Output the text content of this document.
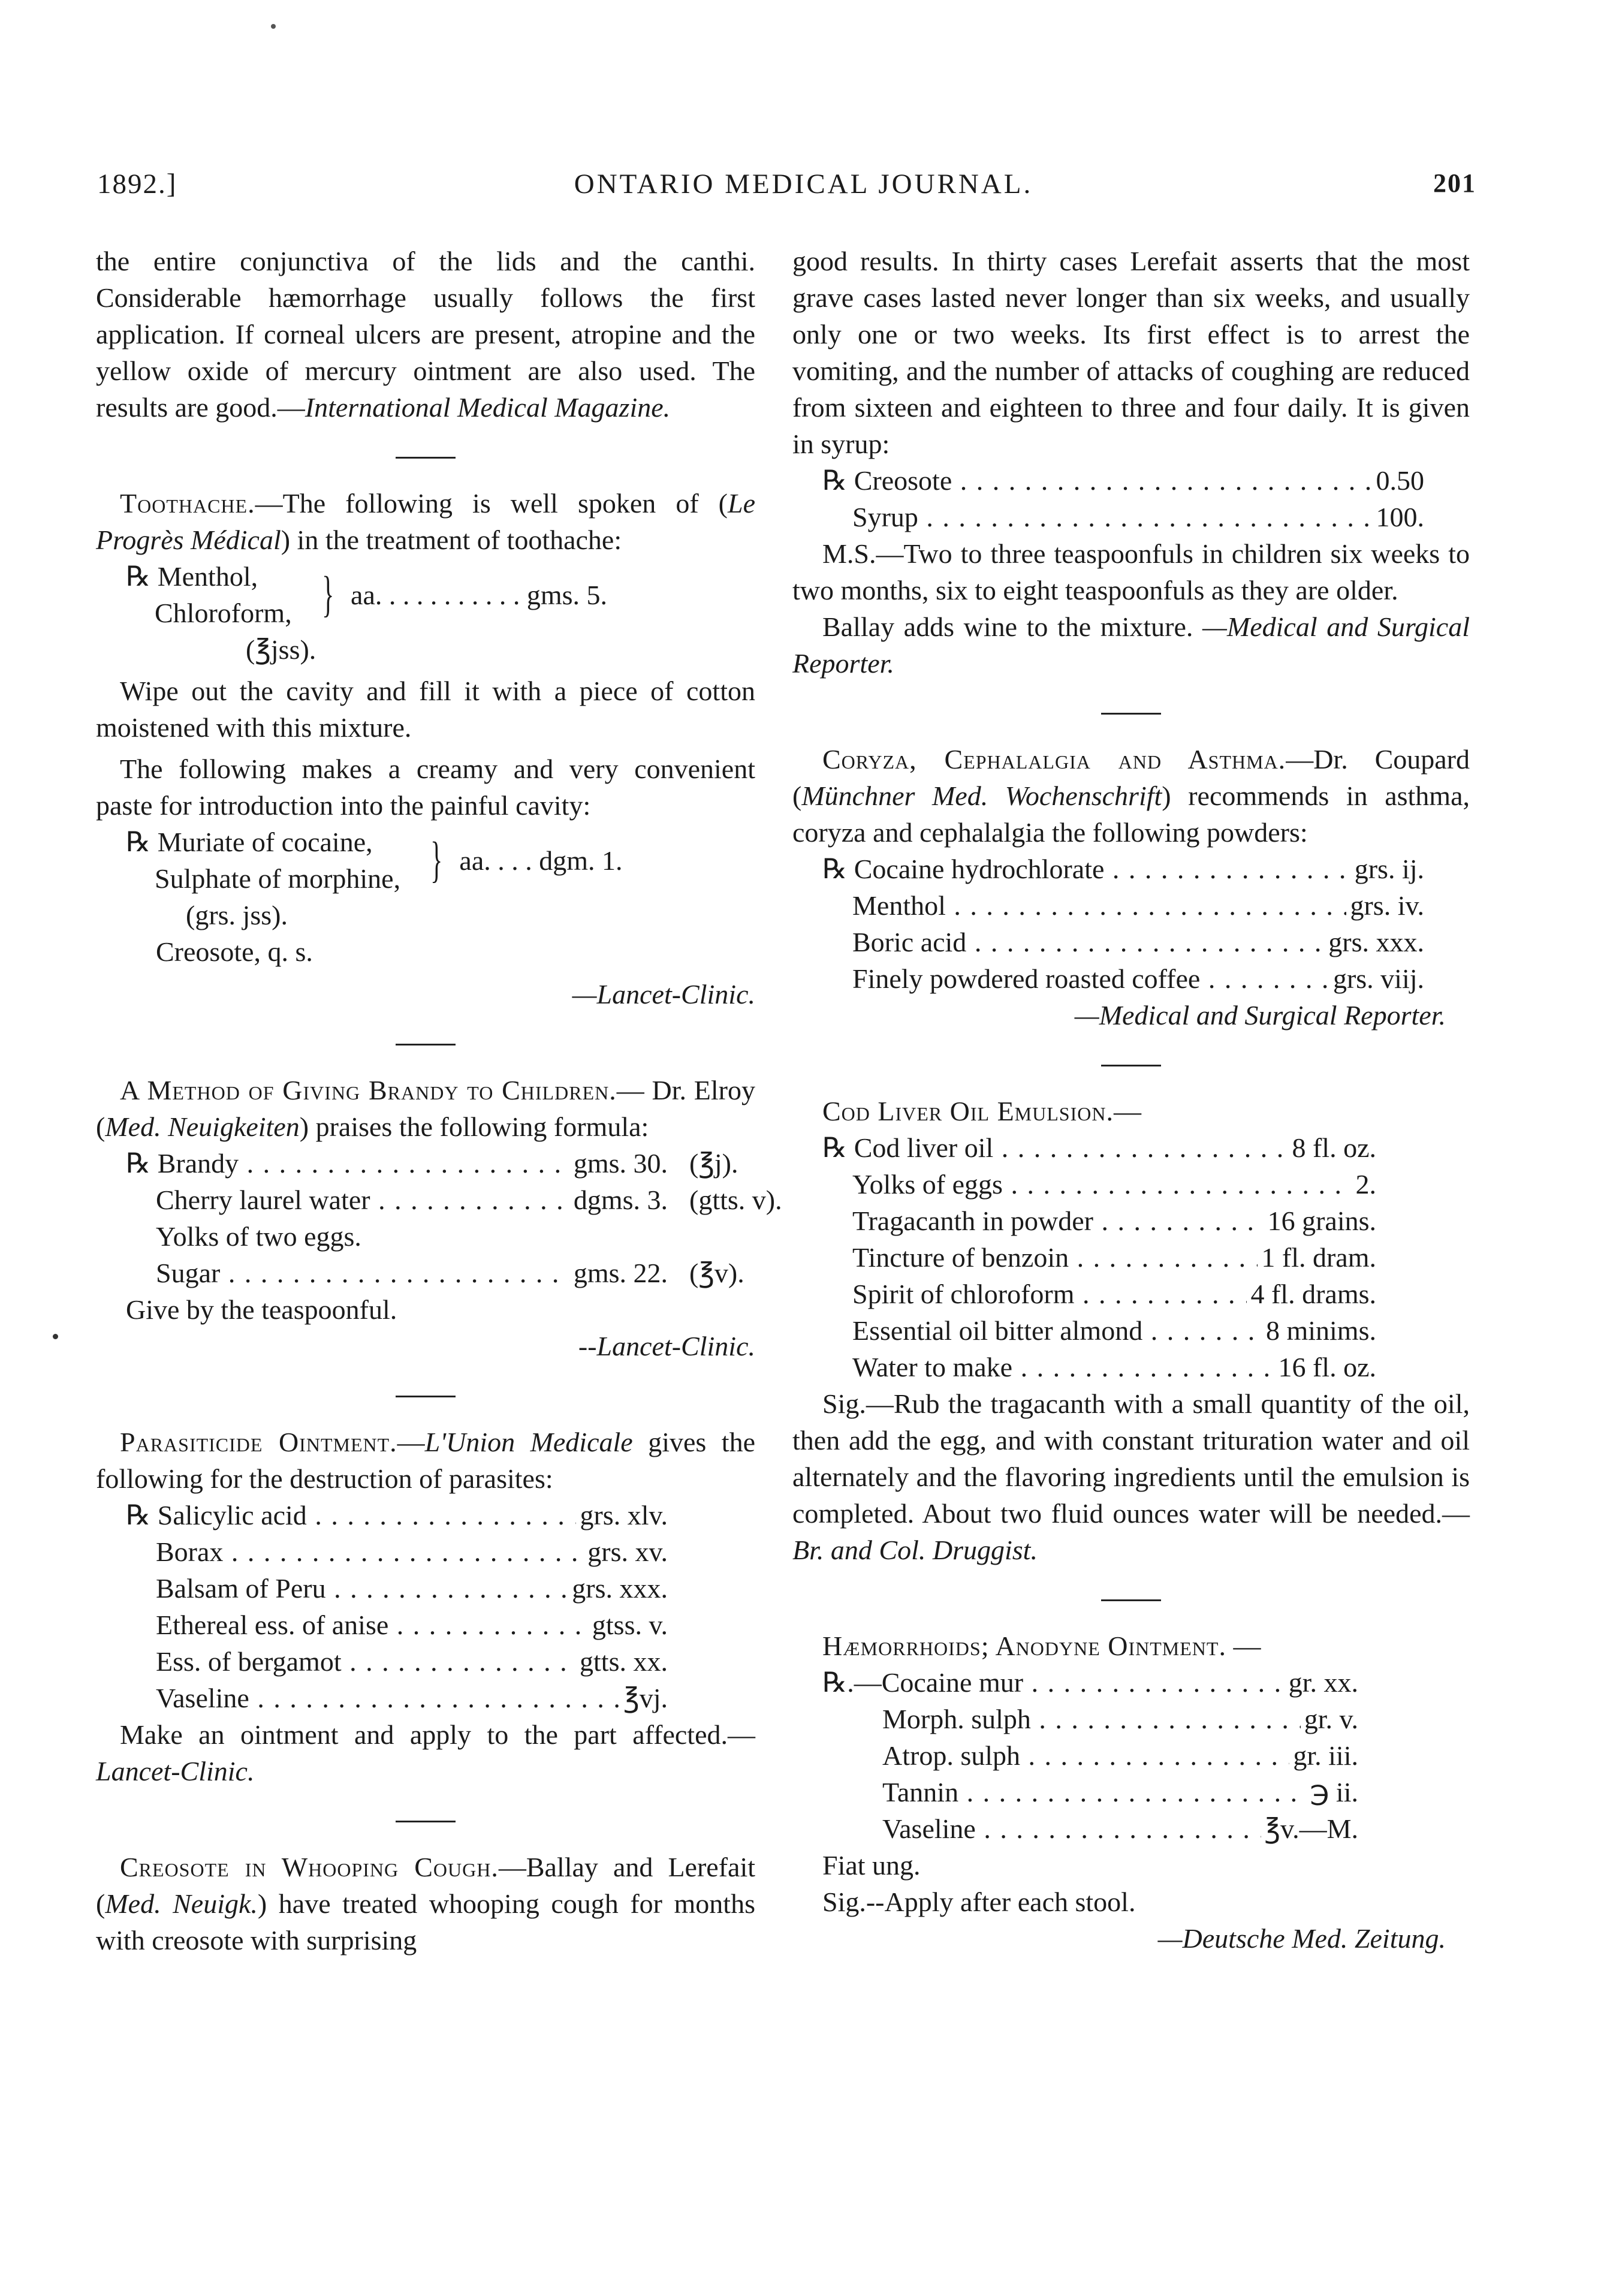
1892.]	ONTARIO MEDICAL JOURNAL.	201

the entire conjunctiva of the lids and the canthi. Considerable hæmorrhage usually follows the first application. If corneal ulcers are present, atropine and the yellow oxide of mercury ointment are also used. The results are good.—International Medical Magazine.

Toothache.—The following is well spoken of (Le Progrès Médical) in the treatment of toothache:

℞ Menthol,
Chloroform, } aa. . . . . . . . . . . gms. 5.
(℥jss).

Wipe out the cavity and fill it with a piece of cotton moistened with this mixture.

The following makes a creamy and very convenient paste for introduction into the painful cavity:

℞ Muriate of cocaine,
Sulphate of morphine, } aa. . . . dgm. 1.
(grs. jss).
Creosote, q. s.

—Lancet-Clinic.

A Method of Giving Brandy to Children.— Dr. Elroy (Med. Neuigkeiten) praises the following formula:

℞ Brandy . . .	gms. 30. (℥j).
Cherry laurel water . . .	dgms. 3. (gtts. v).
Yolks of two eggs.
Sugar . . .	gms. 22. (℥v).
Give by the teaspoonful.

--Lancet-Clinic.

Parasiticide Ointment.—L'Union Medicale gives the following for the destruction of parasites:

℞ Salicylic acid . . .	grs. xlv.
Borax . . .	grs. xv.
Balsam of Peru . . .	grs. xxx.
Ethereal ess. of anise . . .	gtss. v.
Ess. of bergamot . . .	gtts. xx.
Vaseline . . .	℥vj.

Make an ointment and apply to the part affected.—Lancet-Clinic.

Creosote in Whooping Cough.—Ballay and Lerefait (Med. Neuigk.) have treated whooping cough for months with creosote with surprising

good results. In thirty cases Lerefait asserts that the most grave cases lasted never longer than six weeks, and usually only one or two weeks. Its first effect is to arrest the vomiting, and the number of attacks of coughing are reduced from sixteen and eighteen to three and four daily. It is given in syrup:

℞ Creosote . . .	0.50
Syrup . . .	100.

M.S.—Two to three teaspoonfuls in children six weeks to two months, six to eight teaspoonfuls as they are older.

Ballay adds wine to the mixture. —Medical and Surgical Reporter.

Coryza, Cephalalgia and Asthma.—Dr. Coupard (Münchner Med. Wochenschrift) recommends in asthma, coryza and cephalalgia the following powders:

℞ Cocaine hydrochlorate . . .	grs. ij.
Menthol . . .	grs. iv.
Boric acid . . .	grs. xxx.
Finely powdered roasted coffee . . .	grs. viij.

—Medical and Surgical Reporter.

Cod Liver Oil Emulsion.—

℞ Cod liver oil . . .	8 fl. oz.
Yolks of eggs . . .	2.
Tragacanth in powder . . .	16 grains.
Tincture of benzoin . . .	1 fl. dram.
Spirit of chloroform . . .	4 fl. drams.
Essential oil bitter almond . . .	8 minims.
Water to make . . .	16 fl. oz.

Sig.—Rub the tragacanth with a small quantity of the oil, then add the egg, and with constant trituration water and oil alternately and the flavoring ingredients until the emulsion is completed. About two fluid ounces water will be needed.—Br. and Col. Druggist.

Hæmorrhoids; Anodyne Ointment. —

℞.—Cocaine mur . . .	gr. xx.
Morph. sulph . . .	gr. v.
Atrop. sulph . . .	gr. iii.
Tannin . . .	℈ ii.
Vaseline . . .	℥v.—M.
Fiat ung.
Sig.--Apply after each stool.

—Deutsche Med. Zeitung.
